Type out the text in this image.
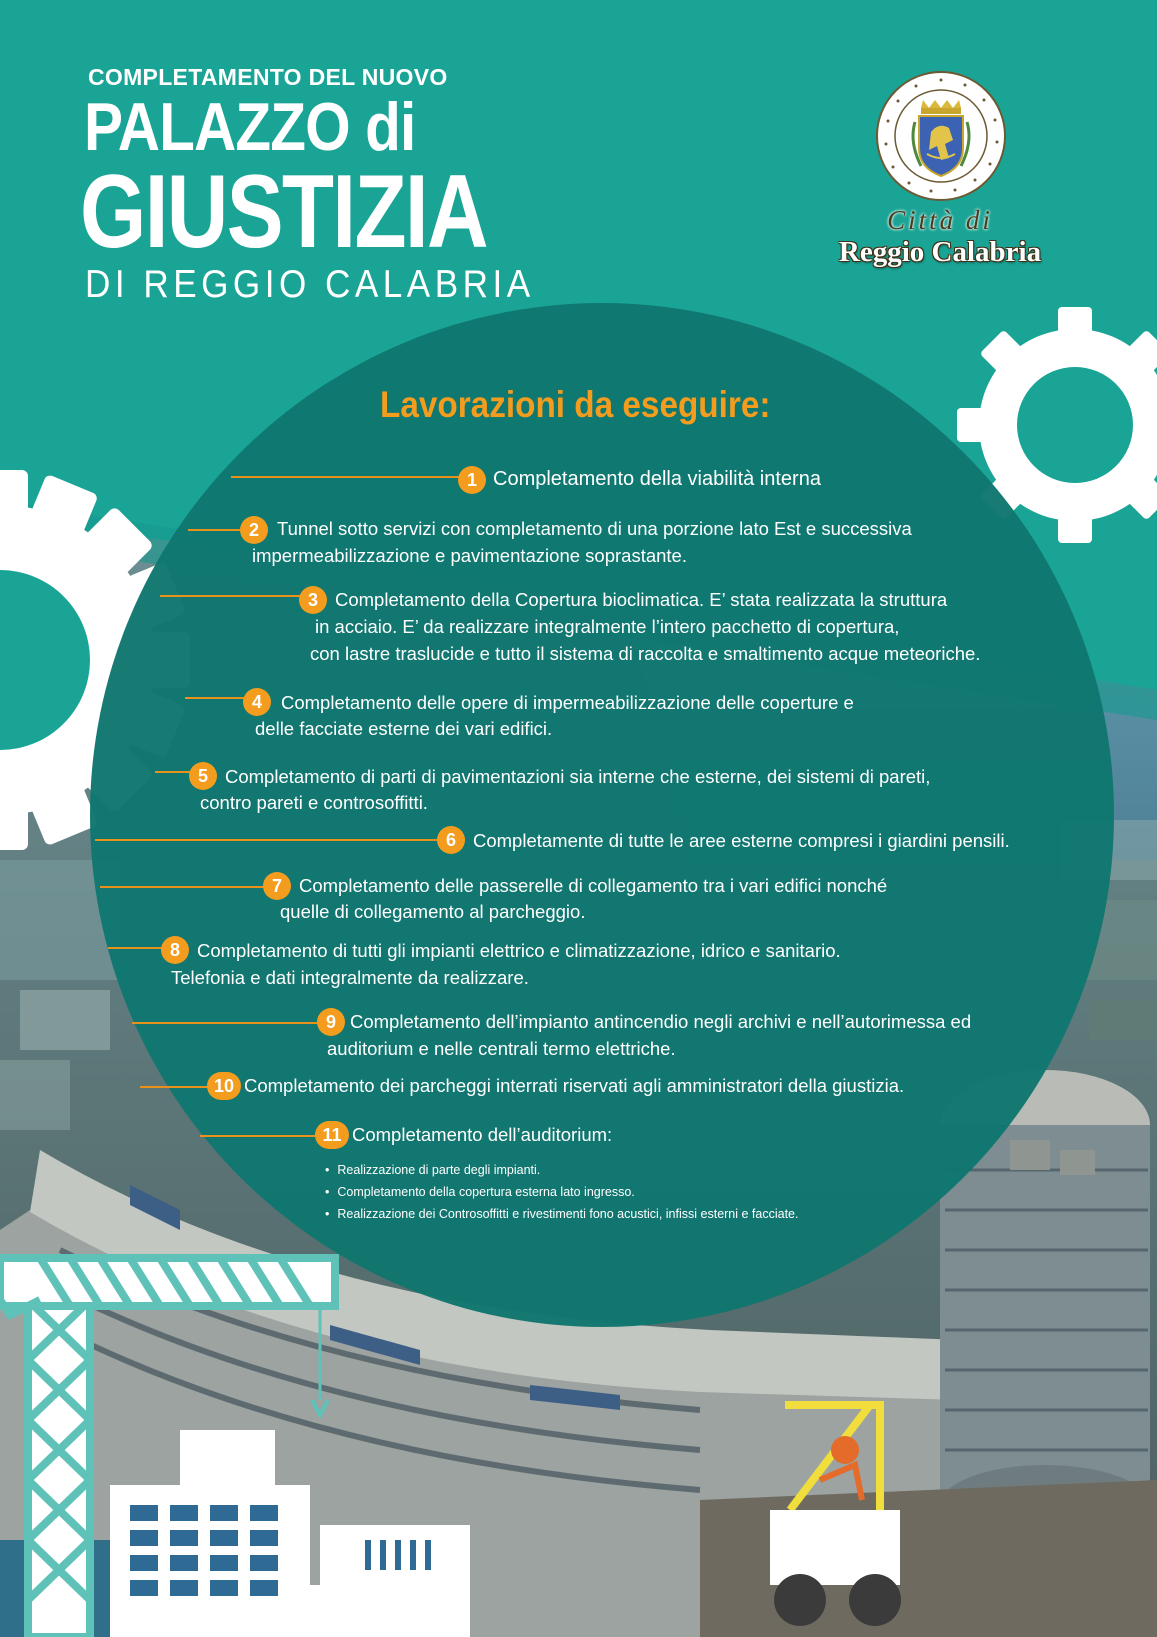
COMPLETAMENTO DEL NUOVO
PALAZZO di
GIUSTIZIA
DI REGGIO CALABRIA
Città di
Reggio Calabria
Lavorazioni da eseguire:
1 Completamento della viabilità interna
2 Tunnel sotto servizi con completamento di una porzione lato Est e successiva
impermeabilizzazione e pavimentazione soprastante.
3 Completamento della Copertura bioclimatica. E’ stata realizzata la struttura
in acciaio. E’ da realizzare integralmente l’intero pacchetto di copertura,
con lastre traslucide e tutto il sistema di raccolta e smaltimento acque meteoriche.
4	Completamento delle opere di impermeabilizzazione delle coperture e
delle facciate esterne dei vari edifici.
5 Completamento di parti di pavimentazioni sia interne che esterne, dei sistemi di pareti,
contro pareti e controsoffitti.
6 Completamente di tutte le aree esterne compresi i giardini pensili.
7 Completamento delle passerelle di collegamento tra i vari edifici nonché
quelle di collegamento al parcheggio.
8 Completamento di tutti gli impianti elettrico e climatizzazione, idrico e sanitario.
Telefonia e dati integralmente da realizzare.
9 Completamento dell’impianto antincendio negli archivi e nell’autorimessa ed
auditorium e nelle centrali termo elettriche.
10 Completamento dei parcheggi interrati riservati agli amministratori della giustizia.
11 Completamento dell’auditorium:
• Realizzazione di parte degli impianti.
• Completamento della copertura esterna lato ingresso.
• Realizzazione dei Controsoffitti e rivestimenti fono acustici, infissi esterni e facciate.
